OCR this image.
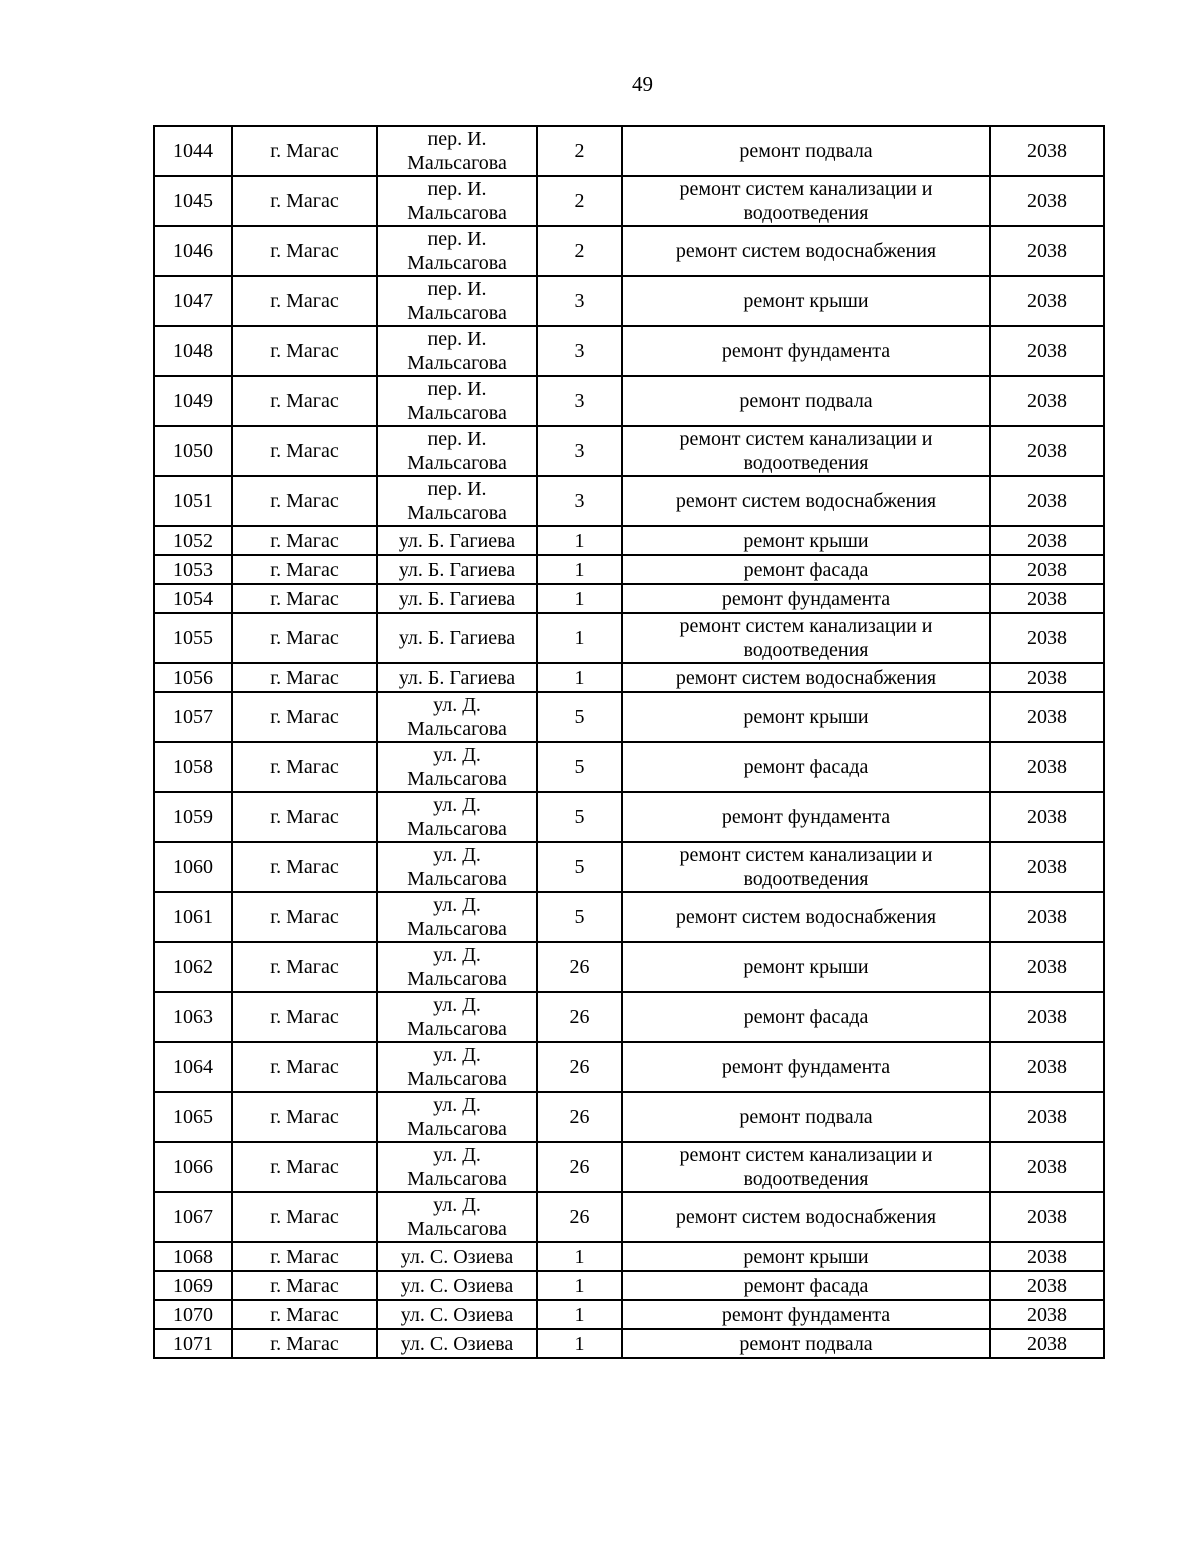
49
1044	г. Магас	пер. И. Мальсагова	2	ремонт подвала	2038
1045	г. Магас	пер. И. Мальсагова	2	ремонт систем канализации и водоотведения	2038
1046	г. Магас	пер. И. Мальсагова	2	ремонт систем водоснабжения	2038
1047	г. Магас	пер. И. Мальсагова	3	ремонт крыши	2038
1048	г. Магас	пер. И. Мальсагова	3	ремонт фундамента	2038
1049	г. Магас	пер. И. Мальсагова	3	ремонт подвала	2038
1050	г. Магас	пер. И. Мальсагова	3	ремонт систем канализации и водоотведения	2038
1051	г. Магас	пер. И. Мальсагова	3	ремонт систем водоснабжения	2038
1052	г. Магас	ул. Б. Гагиева	1	ремонт крыши	2038
1053	г. Магас	ул. Б. Гагиева	1	ремонт фасада	2038
1054	г. Магас	ул. Б. Гагиева	1	ремонт фундамента	2038
1055	г. Магас	ул. Б. Гагиева	1	ремонт систем канализации и водоотведения	2038
1056	г. Магас	ул. Б. Гагиева	1	ремонт систем водоснабжения	2038
1057	г. Магас	ул. Д. Мальсагова	5	ремонт крыши	2038
1058	г. Магас	ул. Д. Мальсагова	5	ремонт фасада	2038
1059	г. Магас	ул. Д. Мальсагова	5	ремонт фундамента	2038
1060	г. Магас	ул. Д. Мальсагова	5	ремонт систем канализации и водоотведения	2038
1061	г. Магас	ул. Д. Мальсагова	5	ремонт систем водоснабжения	2038
1062	г. Магас	ул. Д. Мальсагова	26	ремонт крыши	2038
1063	г. Магас	ул. Д. Мальсагова	26	ремонт фасада	2038
1064	г. Магас	ул. Д. Мальсагова	26	ремонт фундамента	2038
1065	г. Магас	ул. Д. Мальсагова	26	ремонт подвала	2038
1066	г. Магас	ул. Д. Мальсагова	26	ремонт систем канализации и водоотведения	2038
1067	г. Магас	ул. Д. Мальсагова	26	ремонт систем водоснабжения	2038
1068	г. Магас	ул. С. Озиева	1	ремонт крыши	2038
1069	г. Магас	ул. С. Озиева	1	ремонт фасада	2038
1070	г. Магас	ул. С. Озиева	1	ремонт фундамента	2038
1071	г. Магас	ул. С. Озиева	1	ремонт подвала	2038
